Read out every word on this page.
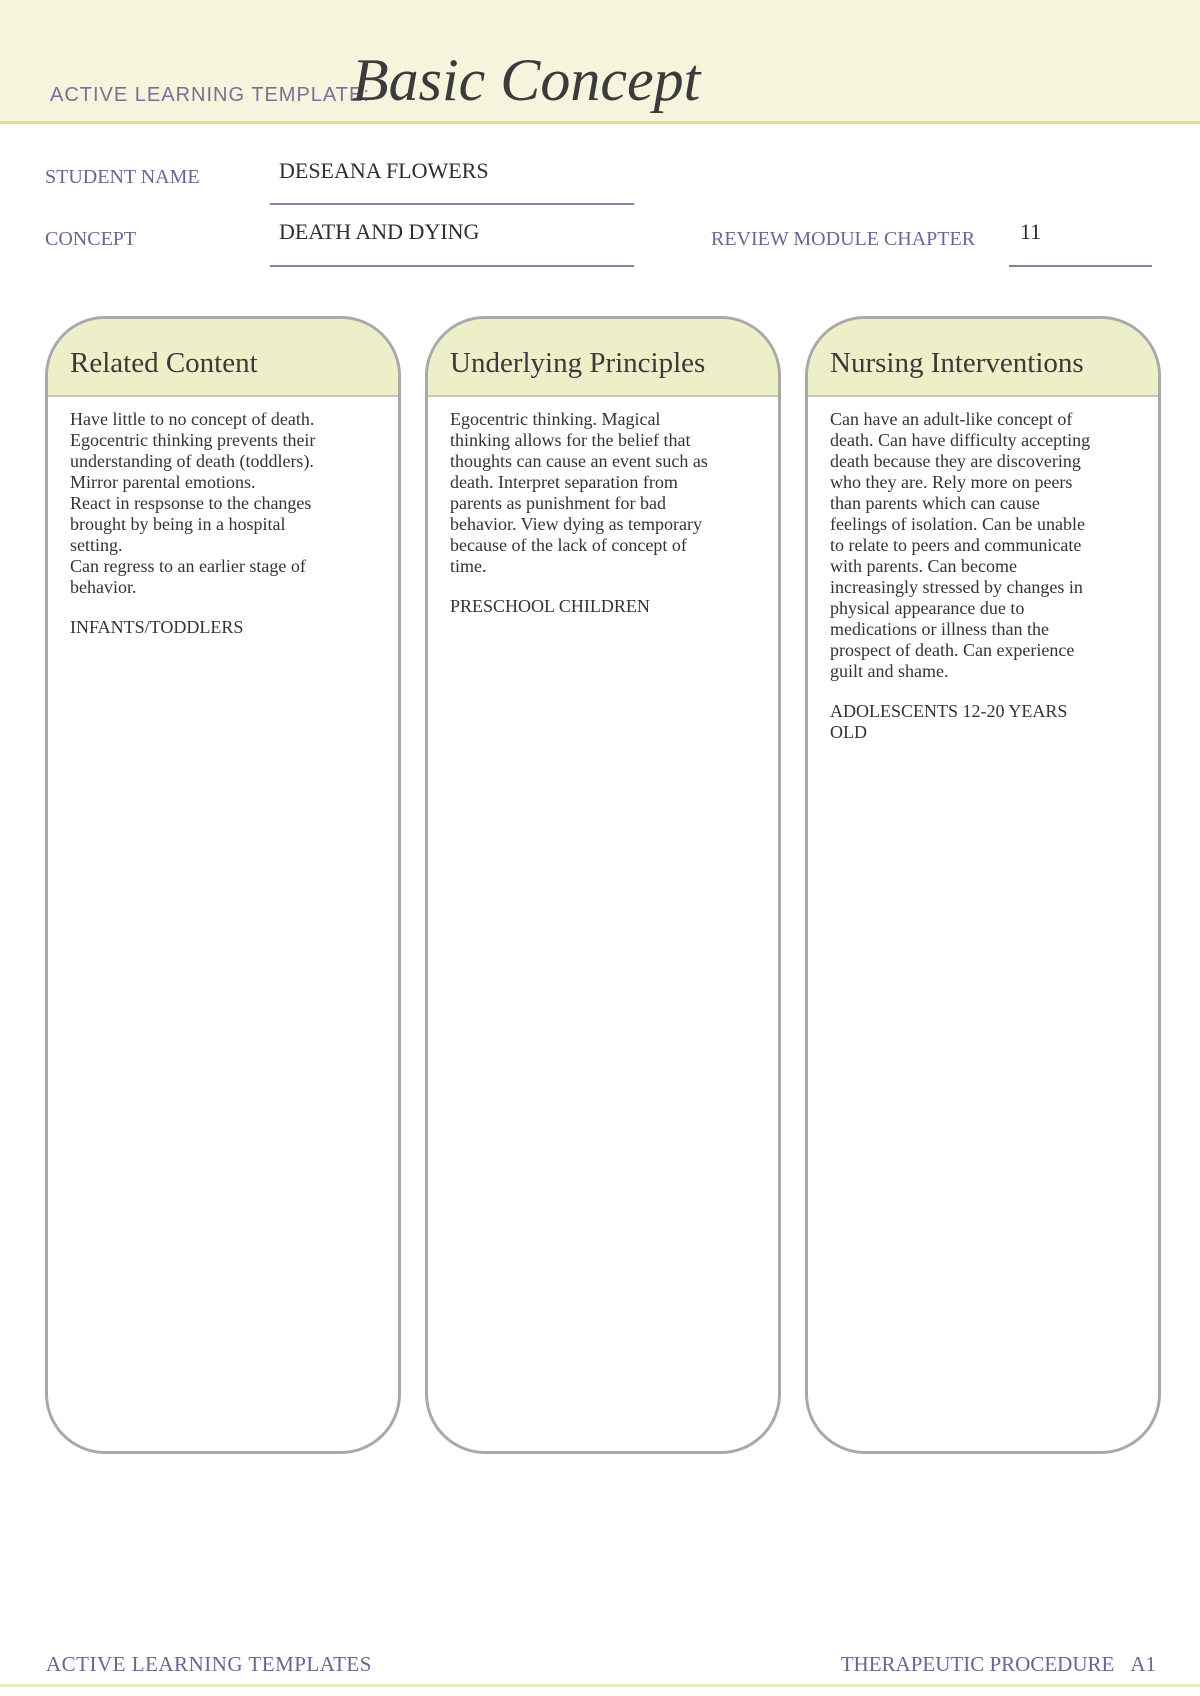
ACTIVE LEARNING TEMPLATE:
Basic Concept
STUDENT NAME	DESEANA FLOWERS
CONCEPT	DEATH AND DYING	REVIEW MODULE CHAPTER 11
Related Content

Have little to no concept of death.

Egocentric thinking prevents their

understanding of death (toddlers).

Mirror parental emotions.

React in respsonse to the changes

brought by being in a hospital

setting.

Can regress to an earlier stage of

behavior.

INFANTS/TODDLERS

Underlying Principles

Egocentric thinking. Magical

thinking allows for the belief that

thoughts can cause an event such as

death. Interpret separation from

parents as punishment for bad

behavior. View dying as temporary

because of the lack of concept of

time.

PRESCHOOL CHILDREN

Nursing Interventions

Can have an adult-like concept of

death. Can have difficulty accepting

death because they are discovering

who they are. Rely more on peers

than parents which can cause

feelings of isolation. Can be unable

to relate to peers and communicate

with parents. Can become

increasingly stressed by changes in

physical appearance due to

medications or illness than the

prospect of death. Can experience

guilt and shame.

ADOLESCENTS 12-20 YEARS

OLD

ACTIVE LEARNING TEMPLATES	THERAPEUTIC PROCEDURE A1
